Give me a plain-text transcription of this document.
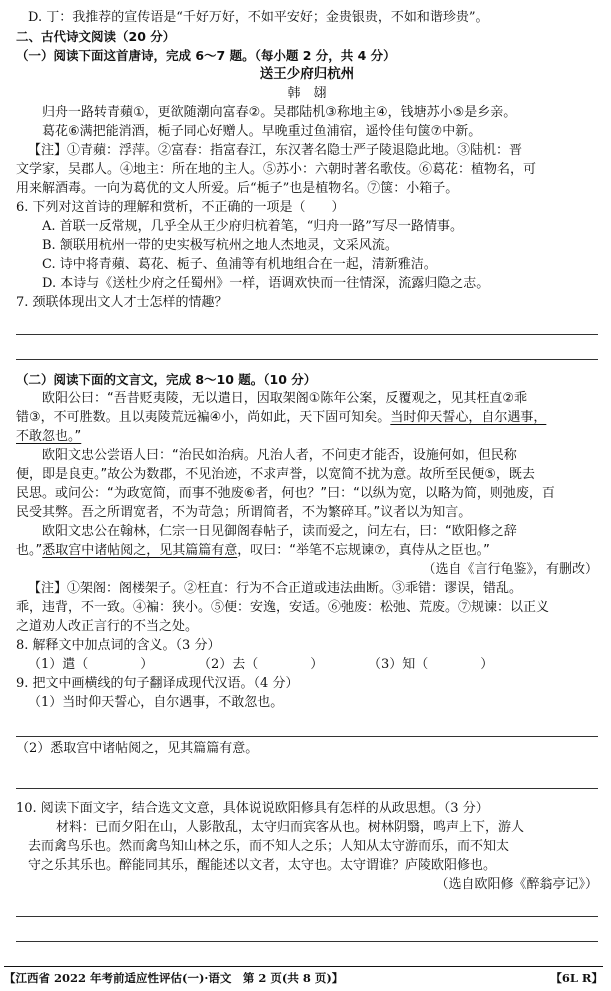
D. 丁：我推荐的宣传语是“千好万好，不如平安好；金贵银贵，不如和谐珍贵”。
二、古代诗文阅读（20 分）
（一）阅读下面这首唐诗，完成 6～7 题。（每小题 2 分，共 4 分）
送王少府归杭州
韩　翃
归舟一路转青蘋①，更欲随潮向富春②。吴郡陆机③称地主④，钱塘苏小⑤是乡亲。
葛花⑥满把能消酒，栀子同心好赠人。早晚重过鱼浦宿，遥怜佳句箧⑦中新。
【注】①青蘋：浮萍。②富春：指富春江，东汉著名隐士严子陵退隐此地。③陆机：晋
文学家，吴郡人。④地主：所在地的主人。⑤苏小：六朝时著名歌伎。⑥葛花：植物名，可
用来解酒毒。一向为葛优的文人所爱。后“栀子”也是植物名。⑦箧：小箱子。
6. 下列对这首诗的理解和赏析，不正确的一项是（　　）
A. 首联一反常规，几乎全从王少府归杭着笔，“归舟一路”写尽一路情事。
B. 颔联用杭州一带的史实极写杭州之地人杰地灵，文采风流。
C. 诗中将青蘋、葛花、栀子、鱼浦等有机地组合在一起，清新雅洁。
D. 本诗与《送杜少府之任蜀州》一样，语调欢快而一往情深，流露归隐之志。
7. 颈联体现出文人才士怎样的情趣？
（二）阅读下面的文言文，完成 8～10 题。（10 分）
欧阳公曰：“吾昔贬夷陵，无以遣日，因取架阁①陈年公案，反覆观之，见其枉直②乖
错③，不可胜数。且以夷陵荒远褊④小，尚如此，天下固可知矣。当时仰天誓心，自尔遇事，
不敢忽也。”
欧阳文忠公尝语人曰：“治民如治病。凡治人者，不问吏才能否，设施何如，但民称
便，即是良吏。”故公为数郡，不见治迹，不求声誉，以宽简不扰为意。故所至民便⑤，既去
民思。或问公：“为政宽简，而事不弛废⑥者，何也？”曰：“以纵为宽，以略为简，则弛废，百
民受其弊。吾之所谓宽者，不为苛急；所谓简者，不为繁碎耳。”议者以为知言。
欧阳文忠公在翰林，仁宗一日见御阁春帖子，读而爱之，问左右，曰：“欧阳修之辞
也。”悉取宫中诸帖阅之，见其篇篇有意，叹曰：“举笔不忘规谏⑦，真侍从之臣也。”
（选自《言行龟鉴》，有删改）
【注】①架阁：阁楼架子。②枉直：行为不合正道或违法曲断。③乖错：谬误，错乱。
乖，违背，不一致。④褊：狭小。⑤便：安逸，安适。⑥弛废：松弛、荒废。⑦规谏：以正义
之道劝人改正言行的不当之处。
8. 解释文中加点词的含义。（3 分）
（1）遣（　　　　）	（2）去（　　　　）	（3）知（　　　　）
9. 把文中画横线的句子翻译成现代汉语。（4 分）
（1）当时仰天誓心，自尔遇事，不敢忽也。
（2）悉取宫中诸帖阅之，见其篇篇有意。
10. 阅读下面文字，结合选文文意，具体说说欧阳修具有怎样的从政思想。（3 分）
材料：已而夕阳在山，人影散乱，太守归而宾客从也。树林阴翳，鸣声上下，游人
去而禽鸟乐也。然而禽鸟知山林之乐，而不知人之乐；人知从太守游而乐，而不知太
守之乐其乐也。醉能同其乐，醒能述以文者，太守也。太守谓谁？庐陵欧阳修也。
（选自欧阳修《醉翁亭记》）
【江西省 2022 年考前适应性评估(一)·语文　第 2 页(共 8 页)】	【6L R】
